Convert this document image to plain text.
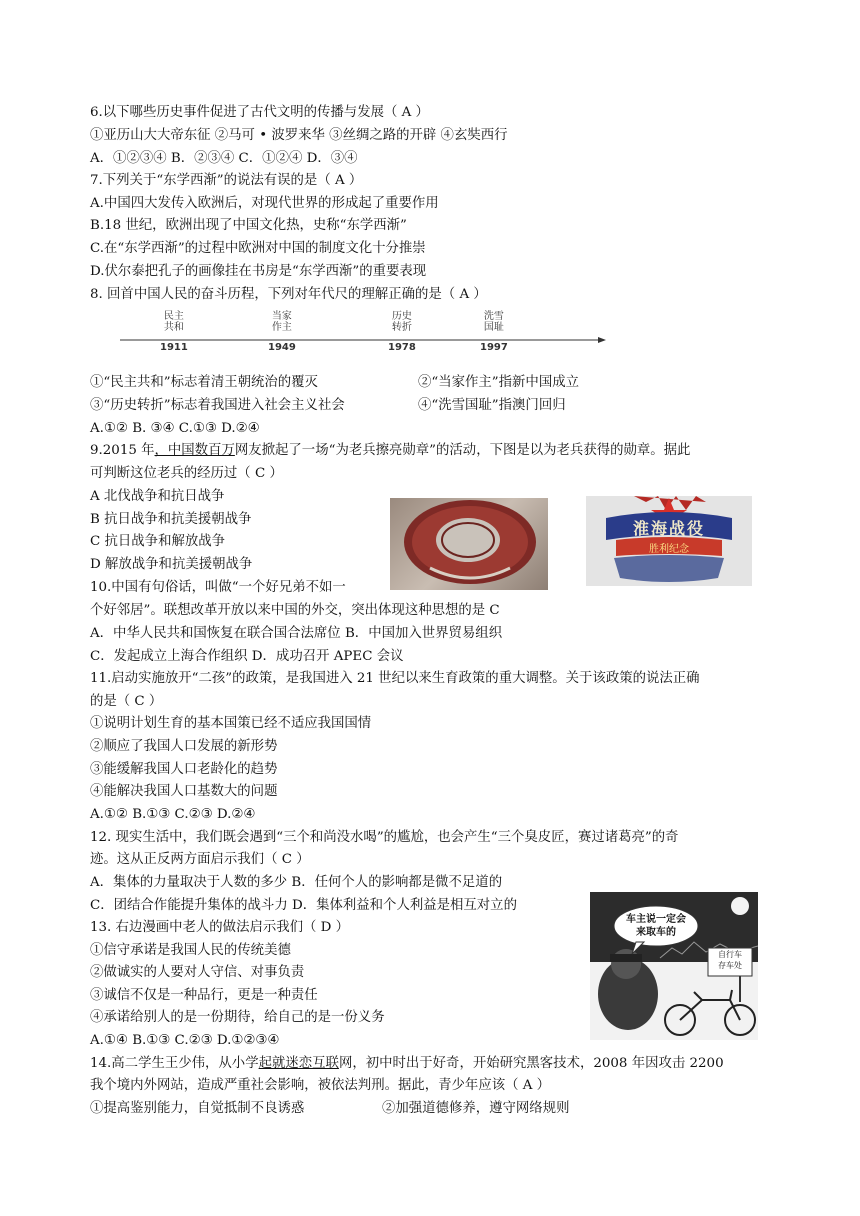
6.以下哪些历史事件促进了古代文明的传播与发展（ A ）
①亚历山大大帝东征 ②马可 • 波罗来华 ③丝绸之路的开辟 ④玄奘西行
A．①②③④ B．②③④ C．①②④ D．③④
7.下列关于“东学西渐”的说法有误的是（ A ）
A.中国四大发传入欧洲后，对现代世界的形成起了重要作用
B.18 世纪，欧洲出现了中国文化热，史称“东学西渐”
C.在“东学西渐”的过程中欧洲对中国的制度文化十分推崇
D.伏尔泰把孔子的画像挂在书房是“东学西渐”的重要表现
8. 回首中国人民的奋斗历程，下列对年代尺的理解正确的是（ A ）
民主
共和
1911
当家
作主
1949
历史
转折
1978
洗雪
国耻
1997
①“民主共和”标志着清王朝统治的覆灭	②“当家作主”指新中国成立
③“历史转折”标志着我国进入社会主义社会	④“洗雪国耻”指澳门回归
A.①② B. ③④ C.①③ D.②④
9.2015 年，中国数百万网友掀起了一场“为老兵擦亮勋章”的活动，下图是以为老兵获得的勋章。据此
可判断这位老兵的经历过（ C ）
A 北伐战争和抗日战争
B 抗日战争和抗美援朝战争
C 抗日战争和解放战争
D 解放战争和抗美援朝战争
淮海战役
胜利纪念
10.中国有句俗话，叫做“一个好兄弟不如一
个好邻居”。联想改革开放以来中国的外交，突出体现这种思想的是 C
A．中华人民共和国恢复在联合国合法席位 B．中国加入世界贸易组织
C．发起成立上海合作组织 D．成功召开 APEC 会议
11.启动实施放开“二孩”的政策，是我国进入 21 世纪以来生育政策的重大调整。关于该政策的说法正确
的是（ C ）
①说明计划生育的基本国策已经不适应我国国情
②顺应了我国人口发展的新形势
③能缓解我国人口老龄化的趋势
④能解决我国人口基数大的问题
A.①② B.①③ C.②③ D.②④
12. 现实生活中，我们既会遇到“三个和尚没水喝”的尴尬，也会产生“三个臭皮匠，赛过诸葛亮”的奇
迹。这从正反两方面启示我们（ C ）
A．集体的力量取决于人数的多少 B．任何个人的影响都是微不足道的
C．团结合作能提升集体的战斗力 D．集体利益和个人利益是相互对立的
13. 右边漫画中老人的做法启示我们（ D ）
①信守承诺是我国人民的传统美德
②做诚实的人要对人守信、对事负责
③诚信不仅是一种品行，更是一种责任
④承诺给别人的是一份期待，给自己的是一份义务
A.①④ B.①③ C.②③ D.①②③④
车主说一定会
来取车的
自行车
存车处
14.高二学生王少伟，从小学起就迷恋互联网，初中时出于好奇，开始研究黑客技术，2008 年因攻击 2200
我个境内外网站，造成严重社会影响，被依法判刑。据此，青少年应该（ A ）
①提高鉴别能力，自觉抵制不良诱惑	②加强道德修养，遵守网络规则
